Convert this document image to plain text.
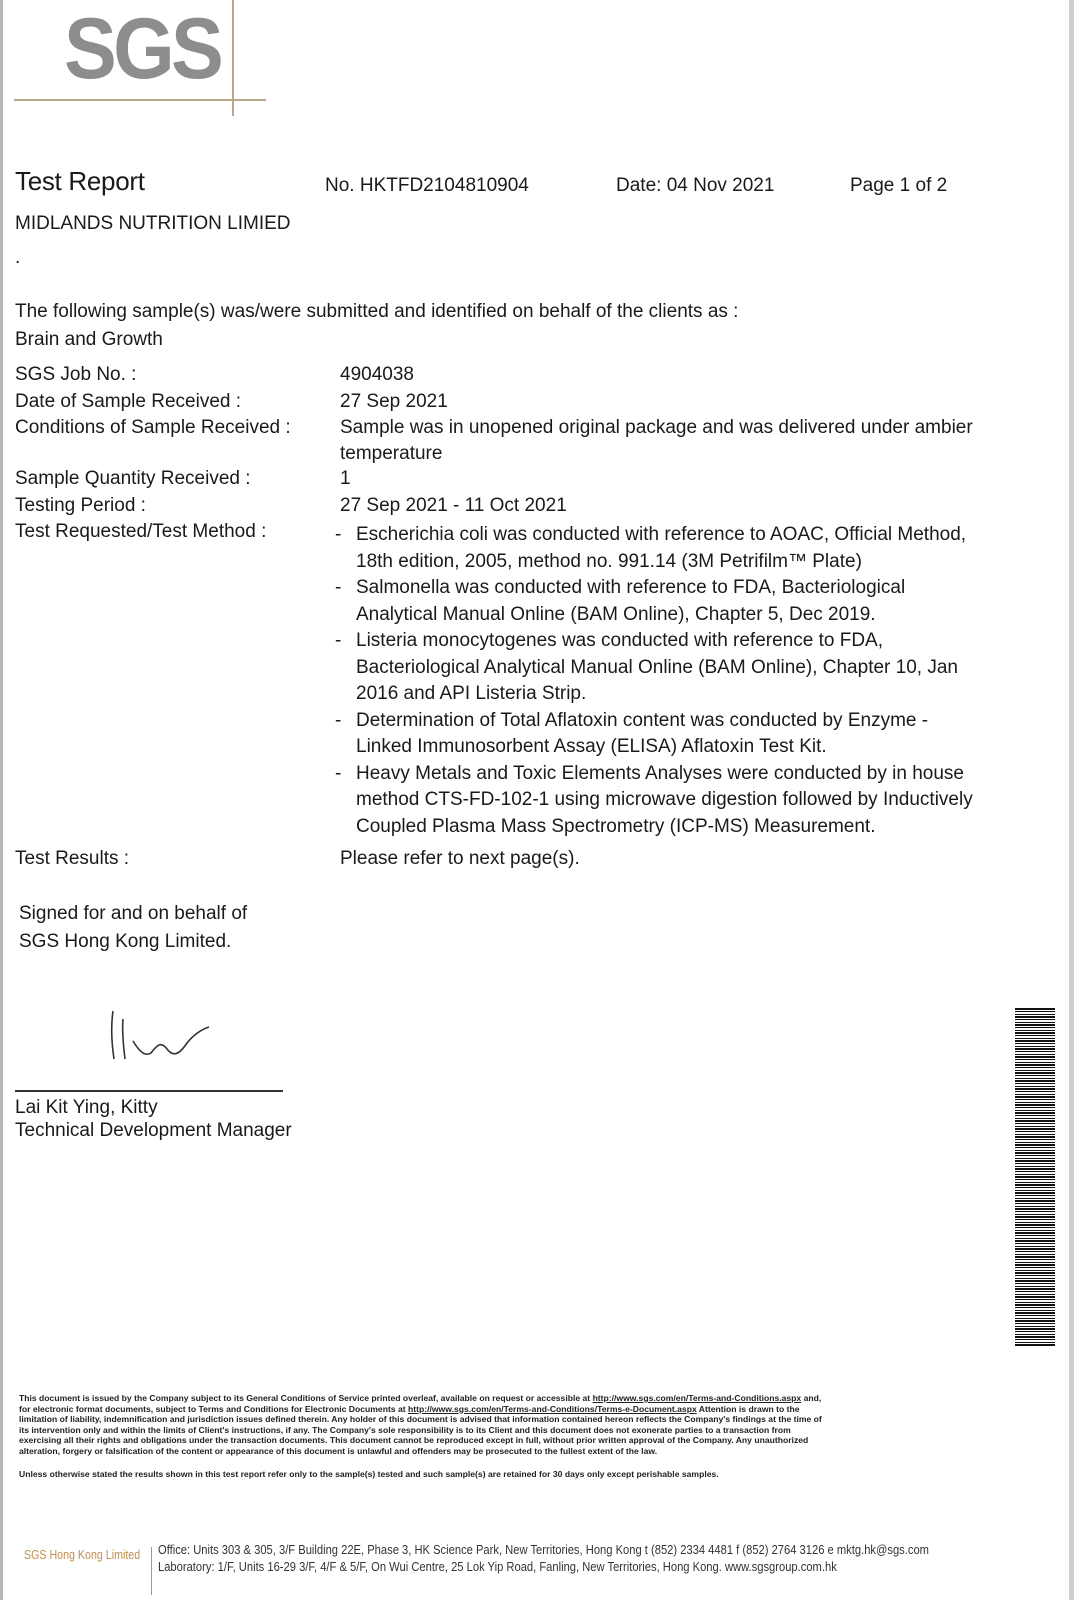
SGS
Test Report	No. HKTFD2104810904	Date: 04 Nov 2021	Page 1 of 2
MIDLANDS NUTRITION LIMIED
.
The following sample(s) was/were submitted and identified on behalf of the clients as :
Brain and Growth
SGS Job No. :	4904038
Date of Sample Received :	27 Sep 2021
Conditions of Sample Received :	Sample was in unopened original package and was delivered under ambier
temperature
Sample Quantity Received :	1
Testing Period :	27 Sep 2021 - 11 Oct 2021
Test Requested/Test Method :	- Escherichia coli was conducted with reference to AOAC, Official Method,
18th edition, 2005, method no. 991.14 (3M Petrifilm™ Plate)
- Salmonella was conducted with reference to FDA, Bacteriological
Analytical Manual Online (BAM Online), Chapter 5, Dec 2019.
- Listeria monocytogenes was conducted with reference to FDA,
Bacteriological Analytical Manual Online (BAM Online), Chapter 10, Jan
2016 and API Listeria Strip.
- Determination of Total Aflatoxin content was conducted by Enzyme -
Linked Immunosorbent Assay (ELISA) Aflatoxin Test Kit.
- Heavy Metals and Toxic Elements Analyses were conducted by in house
method CTS-FD-102-1 using microwave digestion followed by Inductively
Coupled Plasma Mass Spectrometry (ICP-MS) Measurement.
Test Results :	Please refer to next page(s).
Signed for and on behalf of
SGS Hong Kong Limited.
Lai Kit Ying, Kitty
Technical Development Manager
This document is issued by the Company subject to its General Conditions of Service printed overleaf, available on request or accessible at http://www.sgs.com/en/Terms-and-Conditions.aspx and,
for electronic format documents, subject to Terms and Conditions for Electronic Documents at http://www.sgs.com/en/Terms-and-Conditions/Terms-e-Document.aspx Attention is drawn to the
limitation of liability, indemnification and jurisdiction issues defined therein. Any holder of this document is advised that information contained hereon reflects the Company's findings at the time of
its intervention only and within the limits of Client's instructions, if any. The Company's sole responsibility is to its Client and this document does not exonerate parties to a transaction from
exercising all their rights and obligations under the transaction documents. This document cannot be reproduced except in full, without prior written approval of the Company. Any unauthorized
alteration, forgery or falsification of the content or appearance of this document is unlawful and offenders may be prosecuted to the fullest extent of the law.
Unless otherwise stated the results shown in this test report refer only to the sample(s) tested and such sample(s) are retained for 30 days only except perishable samples.
SGS Hong Kong Limited Office: Units 303 & 305, 3/F Building 22E, Phase 3, HK Science Park, New Territories, Hong Kong t (852) 2334 4481 f (852) 2764 3126 e mktg.hk@sgs.com
Laboratory: 1/F, Units 16-29 3/F, 4/F & 5/F, On Wui Centre, 25 Lok Yip Road, Fanling, New Territories, Hong Kong. www.sgsgroup.com.hk
